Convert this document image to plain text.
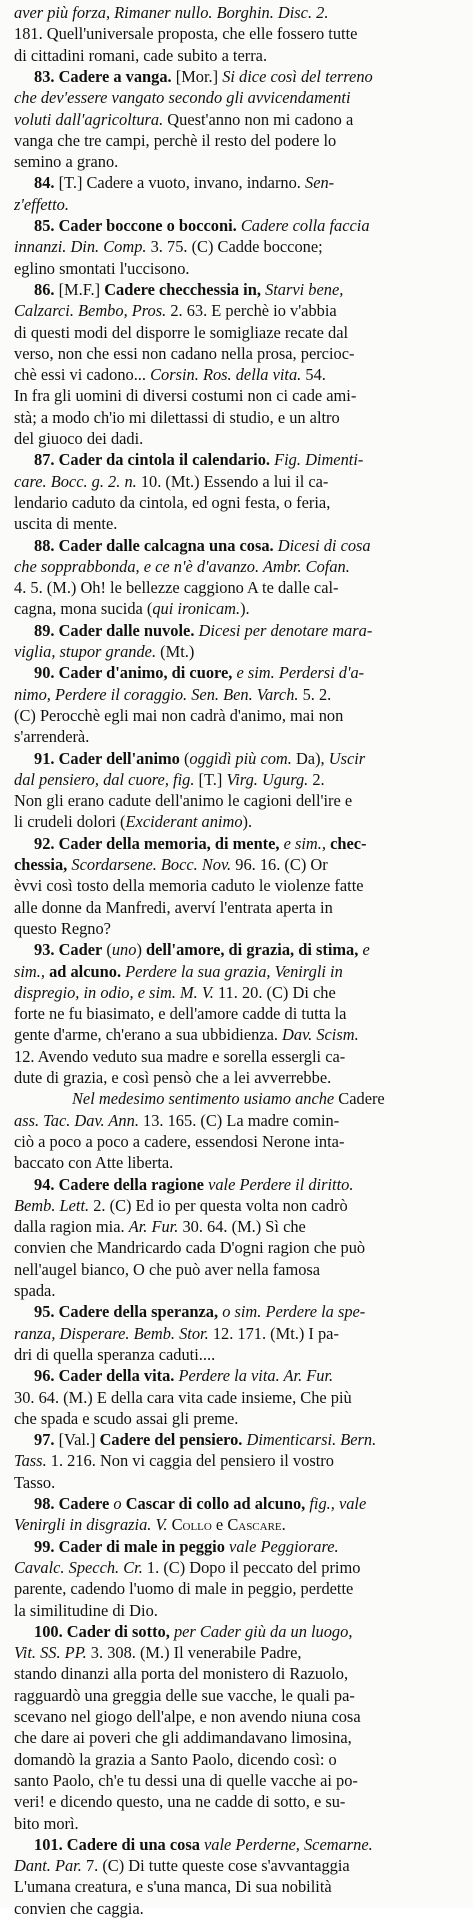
aver più forza, Rimaner nullo. Borghin. Disc. 2.
181. Quell'universale proposta, che elle fossero tutte
di cittadini romani, cade subito a terra.
83. Cadere a vanga. [Mor.] Si dice così del terreno
che dev'essere vangato secondo gli avvicendamenti
voluti dall'agricoltura. Quest'anno non mi cadono a
vanga che tre campi, perchè il resto del podere lo
semino a grano.
84. [T.] Cadere a vuoto, invano, indarno. Sen-
z'effetto.
85. Cader boccone o bocconi. Cadere colla faccia
innanzi. Din. Comp. 3. 75. (C) Cadde boccone;
eglino smontati l'uccisono.
86. [M.F.] Cadere checchessia in, Starvi bene,
Calzarci. Bembo, Pros. 2. 63. E perchè io v'abbia
di questi modi del disporre le somigliaze recate dal
verso, non che essi non cadano nella prosa, percioc-
chè essi vi cadono... Corsin. Ros. della vita. 54.
In fra gli uomini di diversi costumi non ci cade ami-
stà; a modo ch'io mi dilettassi di studio, e un altro
del giuoco dei dadi.
87. Cader da cintola il calendario. Fig. Dimenti-
care. Bocc. g. 2. n. 10. (Mt.) Essendo a lui il ca-
lendario caduto da cintola, ed ogni festa, o feria,
uscita di mente.
88. Cader dalle calcagna una cosa. Dicesi di cosa
che sopprabbonda, e ce n'è d'avanzo. Ambr. Cofan.
4. 5. (M.) Oh! le bellezze caggiono A te dalle cal-
cagna, mona sucida (qui ironicam.).
89. Cader dalle nuvole. Dicesi per denotare mara-
viglia, stupor grande. (Mt.)
90. Cader d'animo, di cuore, e sim. Perdersi d'a-
nimo, Perdere il coraggio. Sen. Ben. Varch. 5. 2.
(C) Perocchè egli mai non cadrà d'animo, mai non
s'arrenderà.
91. Cader dell'animo (oggidì più com. Da), Uscir
dal pensiero, dal cuore, fig. [T.] Virg. Ugurg. 2.
Non gli erano cadute dell'animo le cagioni dell'ire e
li crudeli dolori (Exciderant animo).
92. Cader della memoria, di mente, e sim., chec-
chessia, Scordarsene. Bocc. Nov. 96. 16. (C) Or
èvvi così tosto della memoria caduto le violenze fatte
alle donne da Manfredi, averví l'entrata aperta in
questo Regno?
93. Cader (uno) dell'amore, di grazia, di stima, e
sim., ad alcuno. Perdere la sua grazia, Venirgli in
dispregio, in odio, e sim. M. V. 11. 20. (C) Di che
forte ne fu biasimato, e dell'amore cadde di tutta la
gente d'arme, ch'erano a sua ubbidienza. Dav. Scism.
12. Avendo veduto sua madre e sorella essergli ca-
dute di grazia, e così pensò che a lei avverrebbe.
Nel medesimo sentimento usiamo anche Cadere
ass. Tac. Dav. Ann. 13. 165. (C) La madre comin-
ciò a poco a poco a cadere, essendosi Nerone inta-
baccato con Atte liberta.
94. Cadere della ragione vale Perdere il diritto.
Bemb. Lett. 2. (C) Ed io per questa volta non cadrò
dalla ragion mia. Ar. Fur. 30. 64. (M.) Sì che
convien che Mandricardo cada D'ogni ragion che può
nell'augel bianco, O che può aver nella famosa
spada.
95. Cadere della speranza, o sim. Perdere la spe-
ranza, Disperare. Bemb. Stor. 12. 171. (Mt.) I pa-
dri di quella speranza caduti....
96. Cader della vita. Perdere la vita. Ar. Fur.
30. 64. (M.) E della cara vita cade insieme, Che più
che spada e scudo assai gli preme.
97. [Val.] Cadere del pensiero. Dimenticarsi. Bern.
Tass. 1. 216. Non vi caggia del pensiero il vostro
Tasso.
98. Cadere o Cascar di collo ad alcuno, fig., vale
Venirgli in disgrazia. V. Collo e Cascare.
99. Cader di male in peggio vale Peggiorare.
Cavalc. Specch. Cr. 1. (C) Dopo il peccato del primo
parente, cadendo l'uomo di male in peggio, perdette
la similitudine di Dio.
100. Cader di sotto, per Cader giù da un luogo,
Vit. SS. PP. 3. 308. (M.) Il venerabile Padre,
stando dinanzi alla porta del monistero di Razuolo,
ragguardò una greggia delle sue vacche, le quali pa-
scevano nel giogo dell'alpe, e non avendo niuna cosa
che dare ai poveri che gli addimandavano limosina,
domandò la grazia a Santo Paolo, dicendo così: o
santo Paolo, ch'e tu dessi una di quelle vacche ai po-
veri! e dicendo questo, una ne cadde di sotto, e su-
bito morì.
101. Cadere di una cosa vale Perderne, Scemarne.
Dant. Par. 7. (C) Di tutte queste cose s'avvantaggia
L'umana creatura, e s'una manca, Di sua nobilità
convien che caggia.
